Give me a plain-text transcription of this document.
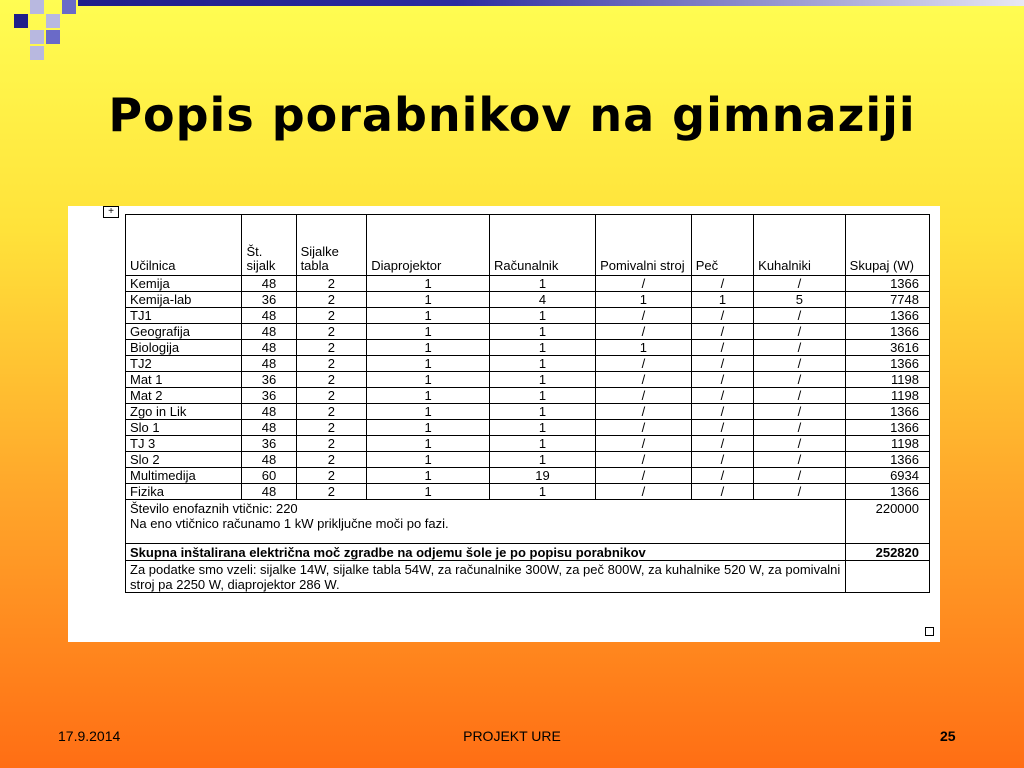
Popis porabnikov na gimnaziji
+
Učilnica	Št. sijalk	Sijalke tabla	Diaprojektor	Računalnik	Pomivalni stroj	Peč	Kuhalniki	Skupaj (W)
Kemija	48	2	1	1	/	/	/	1366
Kemija-lab	36	2	1	4	1	1	5	7748
TJ1	48	2	1	1	/	/	/	1366
Geografija	48	2	1	1	/	/	/	1366
Biologija	48	2	1	1	1	/	/	3616
TJ2	48	2	1	1	/	/	/	1366
Mat 1	36	2	1	1	/	/	/	1198
Mat 2	36	2	1	1	/	/	/	1198
Zgo in Lik	48	2	1	1	/	/	/	1366
Slo 1	48	2	1	1	/	/	/	1366
TJ 3	36	2	1	1	/	/	/	1198
Slo 2	48	2	1	1	/	/	/	1366
Multimedija	60	2	1	19	/	/	/	6934
Fizika	48	2	1	1	/	/	/	1366

Število enofaznih vtičnic: 220
Na eno vtičnico računamo 1 kW priključne moči po fazi.								220000
Skupna inštalirana električna moč zgradbe na odjemu šole je po popisu porabnikov								252820
Za podatke smo vzeli: sijalke 14W, sijalke tabla 54W, za računalnike 300W, za peč 800W, za kuhalnike 520 W, za pomivalni stroj pa 2250 W, diaprojektor 286 W.								
17.9.2014	PROJEKT URE	25
